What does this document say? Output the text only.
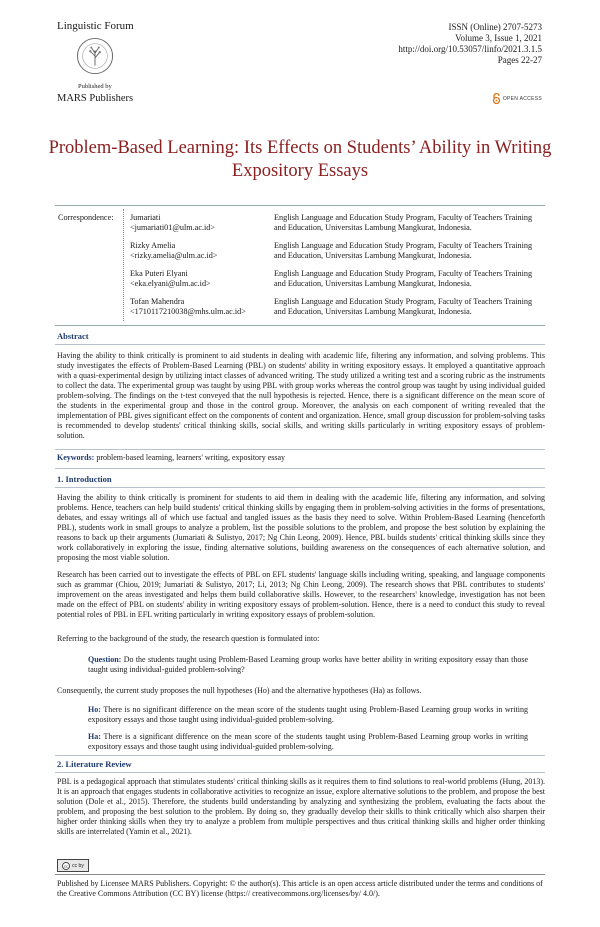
Linguistic Forum
Published by
MARS Publishers
ISSN (Online) 2707-5273
Volume 3, Issue 1, 2021
http://doi.org/10.53057/linfo/2021.3.1.5
Pages 22-27
OPEN ACCESS
Problem-Based Learning: Its Effects on Students’ Ability in Writing Expository Essays
Correspondence: Jumariati
<jumariati01@ulm.ac.id>
English Language and Education Study Program, Faculty of Teachers Training and Education, Universitas Lambung Mangkurat, Indonesia.
Rizky Amelia
<rizky.amelia@ulm.ac.id>
English Language and Education Study Program, Faculty of Teachers Training and Education, Universitas Lambung Mangkurat, Indonesia.
Eka Puteri Elyani
<eka.elyani@ulm.ac.id>
English Language and Education Study Program, Faculty of Teachers Training and Education, Universitas Lambung Mangkurat, Indonesia.
Tofan Mahendra
<1710117210038@mhs.ulm.ac.id>
English Language and Education Study Program, Faculty of Teachers Training and Education, Universitas Lambung Mangkurat, Indonesia.
Abstract
Having the ability to think critically is prominent to aid students in dealing with academic life, filtering any information, and solving problems. This study investigates the effects of Problem-Based Learning (PBL) on students' ability in writing expository essays. It employed a quantitative approach with a quasi-experimental design by utilizing intact classes of advanced writing. The study utilized a writing test and a scoring rubric as the instruments to collect the data. The experimental group was taught by using PBL with group works whereas the control group was taught by using individual guided problem-solving. The findings on the t-test conveyed that the null hypothesis is rejected. Hence, there is a significant difference on the mean score of the students in the experimental group and those in the control group. Moreover, the analysis on each component of writing revealed that the implementation of PBL gives significant effect on the components of content and organization. Hence, small group discussion for problem-solving tasks is recommended to develop students' critical thinking skills, social skills, and writing skills particularly in writing expository essays of problem-solution.
Keywords: problem-based learning, learners' writing, expository essay
1. Introduction
Having the ability to think critically is prominent for students to aid them in dealing with the academic life, filtering any information, and solving problems. Hence, teachers can help build students' critical thinking skills by engaging them in problem-solving activities in the forms of presentations, debates, and essay writings all of which use factual and tangled issues as the basis they need to solve. Within Problem-Based Learning (henceforth PBL), students work in small groups to analyze a problem, list the possible solutions to the problem, and propose the best solution by explaining the reasons to back up their arguments (Jumariati & Sulistyo, 2017; Ng Chin Leong, 2009). Hence, PBL builds students' critical thinking skills since they work collaboratively in exploring the issue, finding alternative solutions, building awareness on the consequences of each alternative solution, and proposing the most viable solution.
Research has been carried out to investigate the effects of PBL on EFL students' language skills including writing, speaking, and language components such as grammar (Chiou, 2019; Jumariati & Sulistyo, 2017; Li, 2013; Ng Chin Leong, 2009). The research shows that PBL contributes to students' improvement on the areas investigated and helps them build collaborative skills. However, to the researchers' knowledge, investigation has not been made on the effect of PBL on students' ability in writing expository essays of problem-solution. Hence, there is a need to conduct this study to reveal potential roles of PBL in EFL writing particularly in writing expository essays of problem-solution.
Referring to the background of the study, the research question is formulated into:
Question: Do the students taught using Problem-Based Learning group works have better ability in writing expository essay than those taught using individual-guided problem-solving?
Consequently, the current study proposes the null hypotheses (Ho) and the alternative hypotheses (Ha) as follows.
Ho: There is no significant difference on the mean score of the students taught using Problem-Based Learning group works in writing expository essays and those taught using individual-guided problem-solving.
Ha: There is a significant difference on the mean score of the students taught using Problem-Based Learning group works in writing expository essays and those taught using individual-guided problem-solving.
2. Literature Review
PBL is a pedagogical approach that stimulates students' critical thinking skills as it requires them to find solutions to real-world problems (Hung, 2013). It is an approach that engages students in collaborative activities to recognize an issue, explore alternative solutions to the problem, and propose the best solution (Dole et al., 2015). Therefore, the students build understanding by analyzing and synthesizing the problem, evaluating the facts about the problem, and proposing the best solution to the problem. By doing so, they gradually develop their skills to think critically which also sharpen their higher order thinking skills when they try to analyze a problem from multiple perspectives and thus critical thinking skills and higher order thinking skills are interrelated (Yamin et al., 2021).
cc cc by
Published by Licensee MARS Publishers. Copyright: © the author(s). This article is an open access article distributed under the terms and conditions of the Creative Commons Attribution (CC BY) license (https:// creativecommons.org/licenses/by/ 4.0/).
